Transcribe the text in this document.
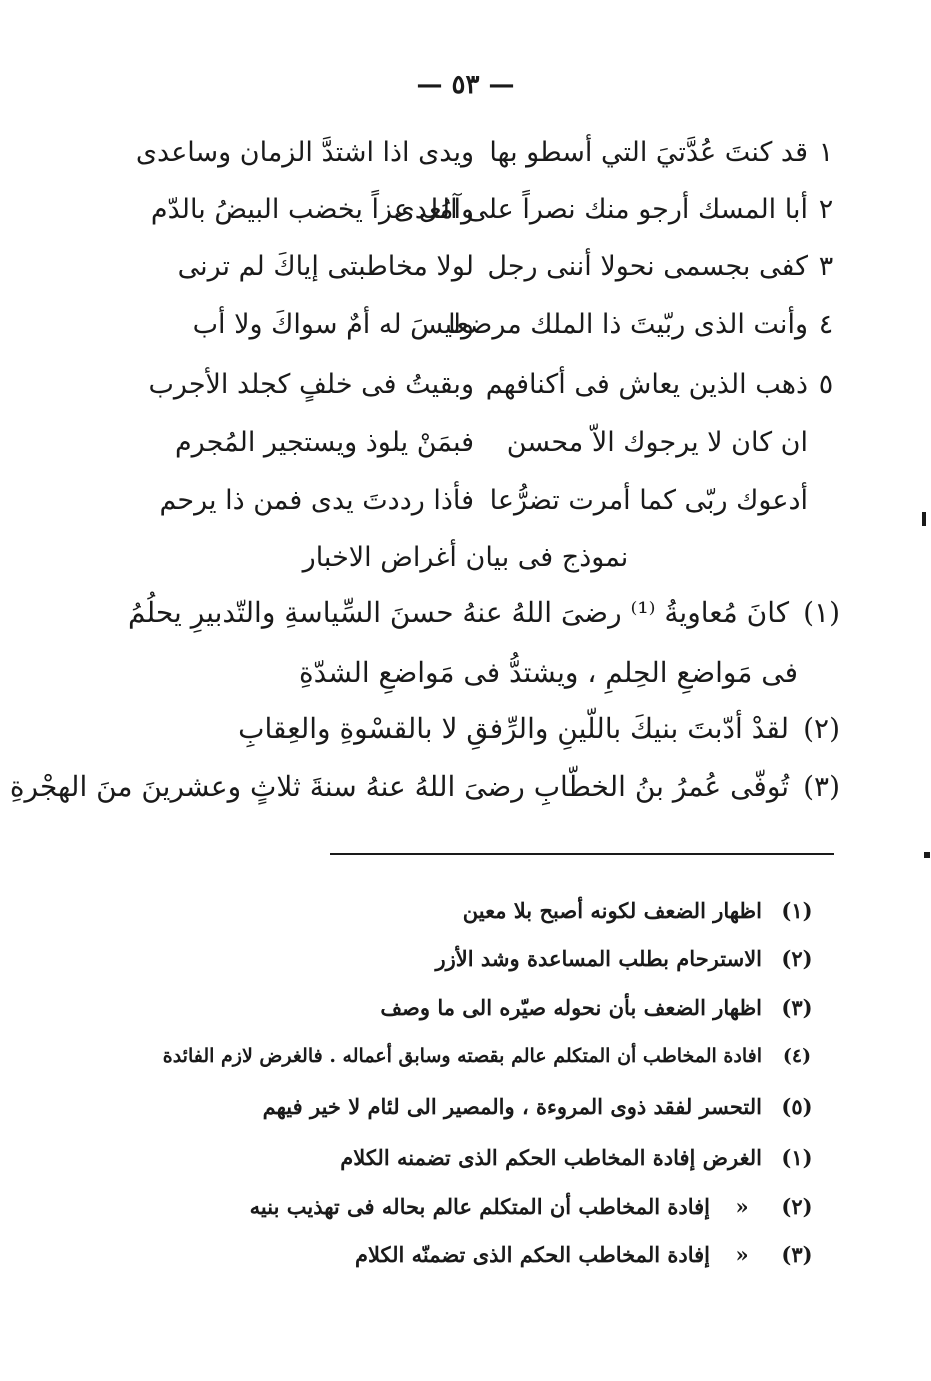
— ٥٣ —
١
قد كنتَ عُدَّتيَ التي أسطو بها
ويدى اذا اشتدَّ الزمان وساعدى
٢
أبا المسك أرجو منك نصراً على العدى
وآمُل عزاً يخضب البيضُ بالدّم
٣
كفى بجسمى نحولا أننى رجل
لولا مخاطبتى إياكَ لم ترنى
٤
وأنت الذى ربّيتَ ذا الملك مرضعا
وليسَ له أمٌ سواكَ ولا أب
٥
ذهب الذين يعاش فى أكنافهم
وبقيتُ فى خلفٍ كجلد الأجرب
ان كان لا يرجوك الاّ محسن
فبمَنْ يلوذ ويستجير المُجرم
أدعوك ربّى كما أمرت تضرُّعا
فأذا رددتَ يدى فمن ذا يرحم
نموذج فى بيان أغراض الاخبار
(١)كانَ مُعاويةُ ⁽¹⁾ رضىَ اللهُ عنهُ حسنَ السِّياسةِ والتّدبيرِ يحلُمُ
فى مَواضعِ الحِلمِ ، ويشتدُّ فى مَواضعِ الشدّةِ
(٢)لقدْ أدّبتَ بنيكَ باللّينِ والرِّفقِ لا بالقسْوةِ والعِقابِ
(٣)تُوفّى عُمرُ بنُ الخطّابِ رضىَ اللهُ عنهُ سنةَ ثلاثٍ وعشرينَ منَ الهجْرةِ
(١)اظهار الضعف لكونه أصبح بلا معين
(٢)الاسترحام بطلب المساعدة وشد الأزر
(٣)اظهار الضعف بأن نحوله صيّره الى ما وصف
(٤)افادة المخاطب أن المتكلم عالم بقصته وسابق أعماله . فالغرض لازم الفائدة
(٥)التحسر لفقد ذوى المروءة ، والمصير الى لئام لا خير فيهم
(١)الغرض إفادة المخاطب الحكم الذى تضمنه الكلام
(٢)«إفادة المخاطب أن المتكلم عالم بحاله فى تهذيب بنيه
(٣)«إفادة المخاطب الحكم الذى تضمنّه الكلام
